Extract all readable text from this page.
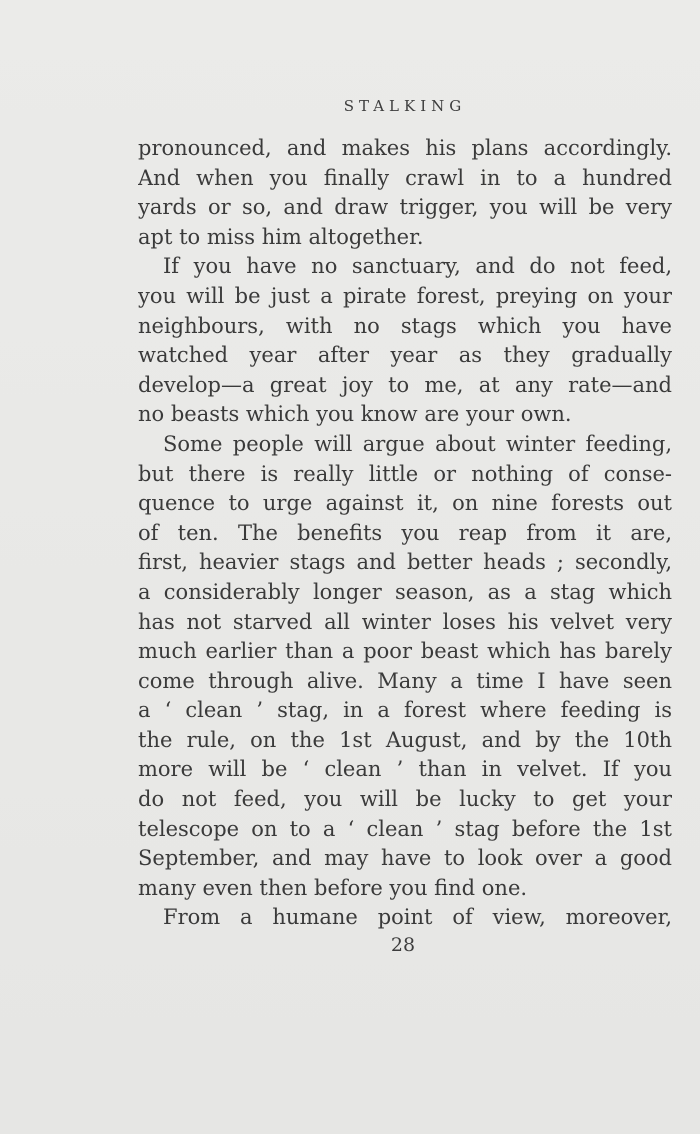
STALKING
pronounced, and makes his plans accordingly.
And when you finally crawl in to a hundred
yards or so, and draw trigger, you will be very
apt to miss him altogether.
If you have no sanctuary, and do not feed,
you will be just a pirate forest, preying on your
neighbours, with no stags which you have
watched year after year as they gradually
develop—a great joy to me, at any rate—and
no beasts which you know are your own.
Some people will argue about winter feeding,
but there is really little or nothing of conse-
quence to urge against it, on nine forests out
of ten. The benefits you reap from it are,
first, heavier stags and better heads ; secondly,
a considerably longer season, as a stag which
has not starved all winter loses his velvet very
much earlier than a poor beast which has barely
come through alive. Many a time I have seen
a ‘ clean ’ stag, in a forest where feeding is
the rule, on the 1st August, and by the 10th
more will be ‘ clean ’ than in velvet. If you
do not feed, you will be lucky to get your
telescope on to a ‘ clean ’ stag before the 1st
September, and may have to look over a good
many even then before you find one.
From a humane point of view, moreover,
28
